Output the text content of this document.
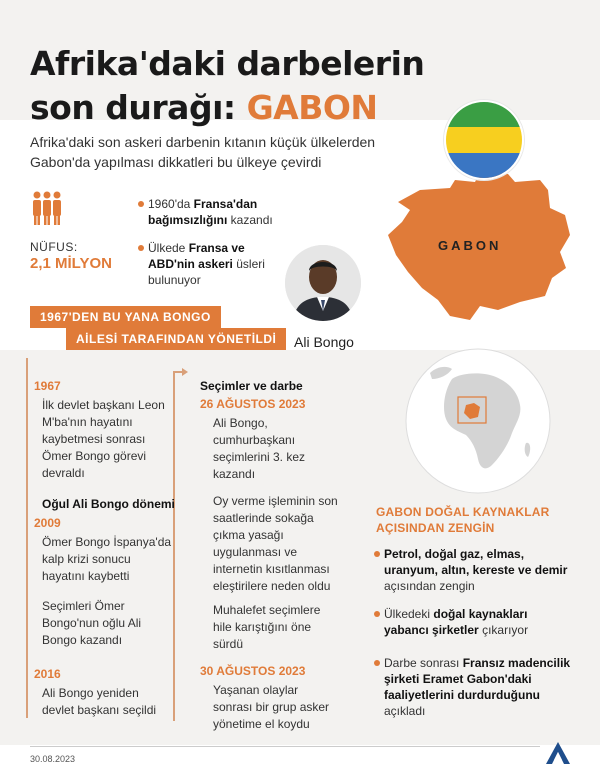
Afrika'daki darbelerin
son durağı: GABON
Afrika'daki son askeri darbenin kıtanın küçük ülkelerden Gabon'da yapılması dikkatleri bu ülkeye çevirdi
GABON
NÜFUS:
2,1 MİLYON
1960'da Fransa'dan bağımsızlığını kazandı
Ülkede Fransa ve ABD'nin askeri üsleri bulunuyor
Ali Bongo
1967'DEN BU YANA BONGO
AİLESİ TARAFINDAN YÖNETİLDİ
1967
İlk devlet başkanı Leon
M'ba'nın hayatını
kaybetmesi sonrası
Ömer Bongo görevi
devraldı
Oğul Ali Bongo dönemi
2009
Ömer Bongo İspanya'da
kalp krizi sonucu
hayatını kaybetti
Seçimleri Ömer
Bongo'nun oğlu Ali
Bongo kazandı
2016
Ali Bongo yeniden
devlet başkanı seçildi
Seçimler ve darbe
26 AĞUSTOS 2023
Ali Bongo,
cumhurbaşkanı
seçimlerini 3. kez
kazandı
Oy verme işleminin son
saatlerinde sokağa
çıkma yasağı
uygulanması ve
internetin kısıtlanması
eleştirilere neden oldu
Muhalefet seçimlere
hile karıştığını öne
sürdü
30 AĞUSTOS 2023
Yaşanan olaylar
sonrası bir grup asker
yönetime el koydu
GABON DOĞAL KAYNAKLAR
AÇISINDAN ZENGİN
Petrol, doğal gaz, elmas,
uranyum, altın, kereste ve demir
açısından zengin
Ülkedeki doğal kaynakları
yabancı şirketler çıkarıyor
Darbe sonrası Fransız madencilik
şirketi Eramet Gabon'daki
faaliyetlerini durdurduğunu
açıkladı
30.08.2023
